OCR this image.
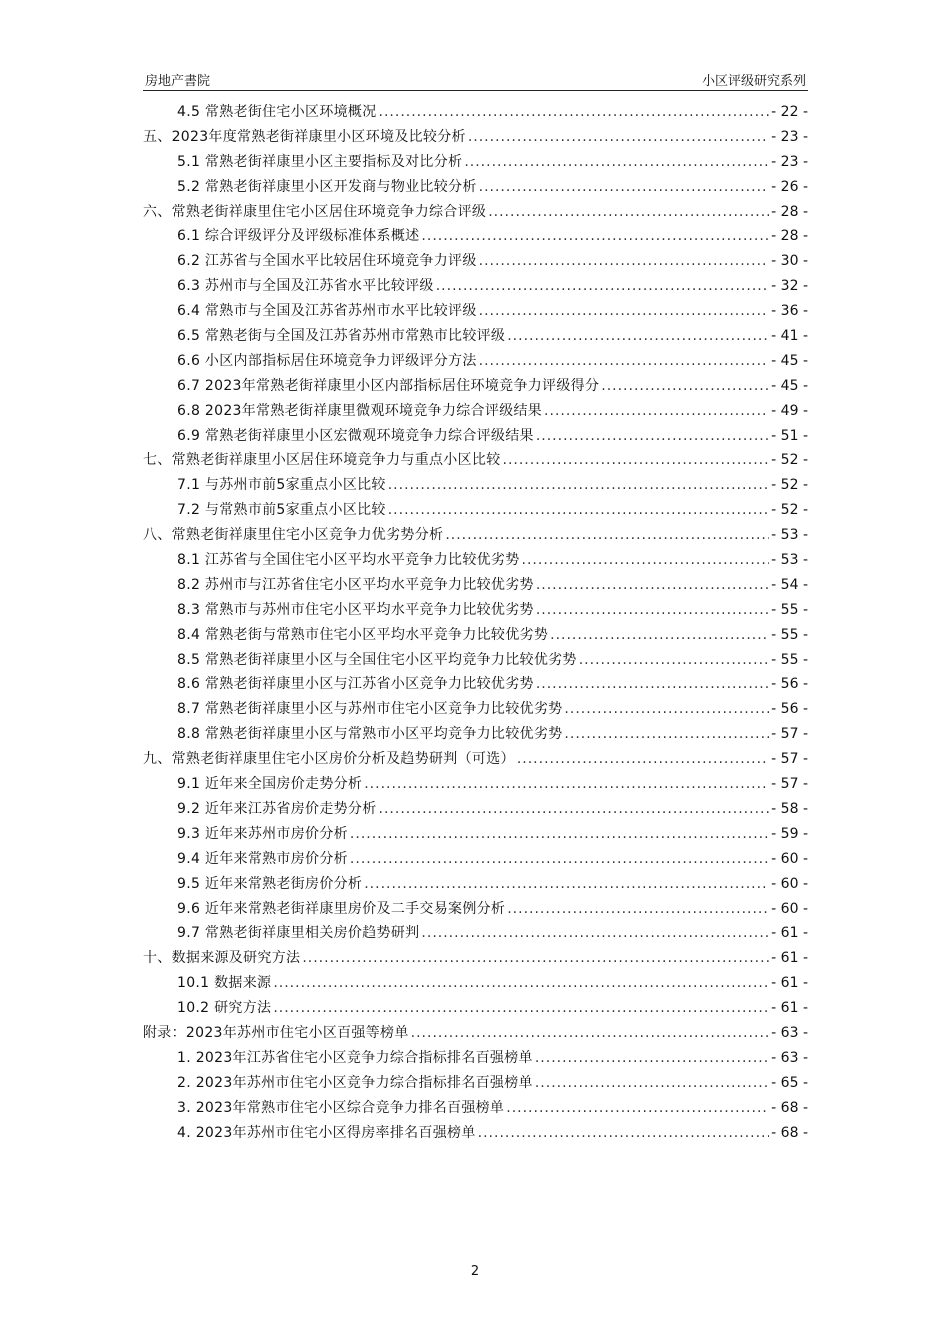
房地产書院	小区评级研究系列
4.5 常熟老街住宅小区环境概况 .....	- 22 -
五、2023年度常熟老街祥康里小区环境及比较分析 .....	- 23 -
5.1 常熟老街祥康里小区主要指标及对比分析 .....	- 23 -
5.2 常熟老街祥康里小区开发商与物业比较分析 .....	- 26 -
六、常熟老街祥康里住宅小区居住环境竞争力综合评级 .....	- 28 -
6.1 综合评级评分及评级标准体系概述 .....	- 28 -
6.2 江苏省与全国水平比较居住环境竞争力评级 .....	- 30 -
6.3 苏州市与全国及江苏省水平比较评级 .....	- 32 -
6.4 常熟市与全国及江苏省苏州市水平比较评级 .....	- 36 -
6.5 常熟老街与全国及江苏省苏州市常熟市比较评级 .....	- 41 -
6.6 小区内部指标居住环境竞争力评级评分方法 .....	- 45 -
6.7 2023年常熟老街祥康里小区内部指标居住环境竞争力评级得分 .....	- 45 -
6.8 2023年常熟老街祥康里微观环境竞争力综合评级结果 .....	- 49 -
6.9 常熟老街祥康里小区宏微观环境竞争力综合评级结果 .....	- 51 -
七、常熟老街祥康里小区居住环境竞争力与重点小区比较 .....	- 52 -
7.1 与苏州市前5家重点小区比较 .....	- 52 -
7.2 与常熟市前5家重点小区比较 .....	- 52 -
八、常熟老街祥康里住宅小区竞争力优劣势分析 .....	- 53 -
8.1 江苏省与全国住宅小区平均水平竞争力比较优劣势 .....	- 53 -
8.2 苏州市与江苏省住宅小区平均水平竞争力比较优劣势 .....	- 54 -
8.3 常熟市与苏州市住宅小区平均水平竞争力比较优劣势 .....	- 55 -
8.4 常熟老街与常熟市住宅小区平均水平竞争力比较优劣势 .....	- 55 -
8.5 常熟老街祥康里小区与全国住宅小区平均竞争力比较优劣势 .....	- 55 -
8.6 常熟老街祥康里小区与江苏省小区竞争力比较优劣势 .....	- 56 -
8.7 常熟老街祥康里小区与苏州市住宅小区竞争力比较优劣势 .....	- 56 -
8.8 常熟老街祥康里小区与常熟市小区平均竞争力比较优劣势 .....	- 57 -
九、常熟老街祥康里住宅小区房价分析及趋势研判（可选） .....	- 57 -
9.1 近年来全国房价走势分析 .....	- 57 -
9.2 近年来江苏省房价走势分析 .....	- 58 -
9.3 近年来苏州市房价分析 .....	- 59 -
9.4 近年来常熟市房价分析 .....	- 60 -
9.5 近年来常熟老街房价分析 .....	- 60 -
9.6 近年来常熟老街祥康里房价及二手交易案例分析 .....	- 60 -
9.7 常熟老街祥康里相关房价趋势研判 .....	- 61 -
十、数据来源及研究方法 .....	- 61 -
10.1 数据来源 .....	- 61 -
10.2 研究方法 .....	- 61 -
附录：2023年苏州市住宅小区百强等榜单 .....	- 63 -
1. 2023年江苏省住宅小区竞争力综合指标排名百强榜单 .....	- 63 -
2. 2023年苏州市住宅小区竞争力综合指标排名百强榜单 .....	- 65 -
3. 2023年常熟市住宅小区综合竞争力排名百强榜单 .....	- 68 -
4. 2023年苏州市住宅小区得房率排名百强榜单 .....	- 68 -
2
